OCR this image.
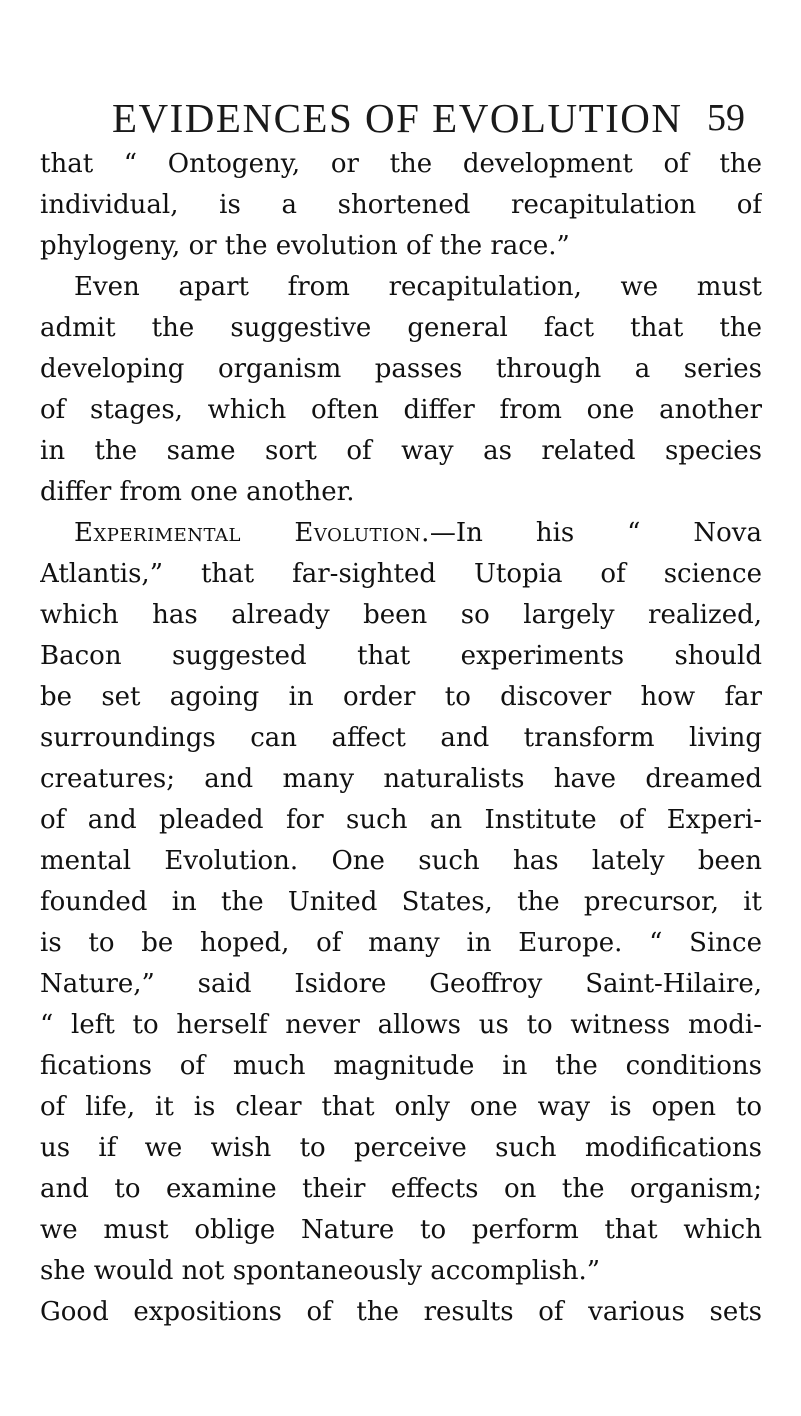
EVIDENCES OF EVOLUTION 59
that “ Ontogeny, or the development of the
individual, is a shortened recapitulation of
phylogeny, or the evolution of the race.”
Even apart from recapitulation, we must
admit the suggestive general fact that the
developing organism passes through a series
of stages, which often differ from one another
in the same sort of way as related species
differ from one another.
Experimental Evolution.—In his “ Nova
Atlantis,” that far-sighted Utopia of science
which has already been so largely realized,
Bacon suggested that experiments should
be set agoing in order to discover how far
surroundings can affect and transform living
creatures; and many naturalists have dreamed
of and pleaded for such an Institute of Experi-
mental Evolution. One such has lately been
founded in the United States, the precursor, it
is to be hoped, of many in Europe. “ Since
Nature,” said Isidore Geoffroy Saint-Hilaire,
“ left to herself never allows us to witness modi-
fications of much magnitude in the conditions
of life, it is clear that only one way is open to
us if we wish to perceive such modifications
and to examine their effects on the organism;
we must oblige Nature to perform that which
she would not spontaneously accomplish.”
Good expositions of the results of various sets
